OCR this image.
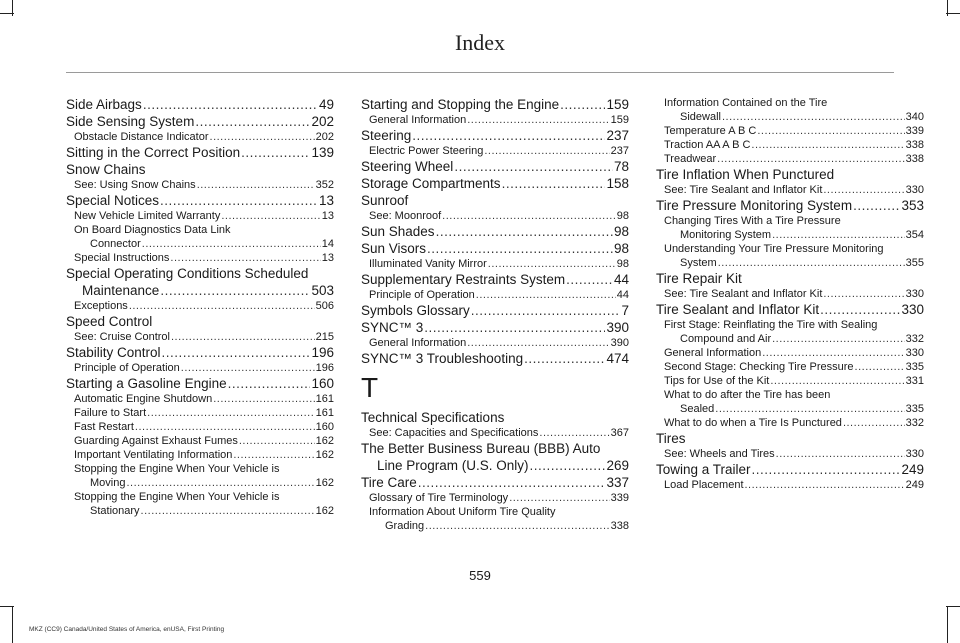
Index
Side Airbags .....	49
Side Sensing System .....	202
Obstacle Distance Indicator .....	202
Sitting in the Correct Position .....	139
Snow Chains
See: Using Snow Chains .....	352
Special Notices .....	13
New Vehicle Limited Warranty .....	13
On Board Diagnostics Data Link
Connector .....	14
Special Instructions .....	13
Special Operating Conditions Scheduled
Maintenance .....	503
Exceptions .....	506
Speed Control
See: Cruise Control .....	215
Stability Control .....	196
Principle of Operation .....	196
Starting a Gasoline Engine .....	160
Automatic Engine Shutdown .....	161
Failure to Start .....	161
Fast Restart .....	160
Guarding Against Exhaust Fumes .....	162
Important Ventilating Information .....	162
Stopping the Engine When Your Vehicle is
Moving .....	162
Stopping the Engine When Your Vehicle is
Stationary .....	162
Starting and Stopping the Engine .....	159
General Information .....	159
Steering .....	237
Electric Power Steering .....	237
Steering Wheel .....	78
Storage Compartments .....	158
Sunroof
See: Moonroof .....	98
Sun Shades .....	98
Sun Visors .....	98
Illuminated Vanity Mirror .....	98
Supplementary Restraints System .....	44
Principle of Operation .....	44
Symbols Glossary .....	7
SYNC™ 3 .....	390
General Information .....	390
SYNC™ 3 Troubleshooting .....	474
T
Technical Specifications
See: Capacities and Specifications .....	367
The Better Business Bureau (BBB) Auto
Line Program (U.S. Only) .....	269
Tire Care .....	337
Glossary of Tire Terminology .....	339
Information About Uniform Tire Quality
Grading .....	338
Information Contained on the Tire
Sidewall .....	340
Temperature A B C .....	339
Traction AA A B C .....	338
Treadwear .....	338
Tire Inflation When Punctured
See: Tire Sealant and Inflator Kit .....	330
Tire Pressure Monitoring System .....	353
Changing Tires With a Tire Pressure
Monitoring System .....	354
Understanding Your Tire Pressure Monitoring
System .....	355
Tire Repair Kit
See: Tire Sealant and Inflator Kit .....	330
Tire Sealant and Inflator Kit .....	330
First Stage: Reinflating the Tire with Sealing
Compound and Air .....	332
General Information .....	330
Second Stage: Checking Tire Pressure .....	335
Tips for Use of the Kit .....	331
What to do after the Tire has been
Sealed .....	335
What to do when a Tire Is Punctured .....	332
Tires
See: Wheels and Tires .....	330
Towing a Trailer .....	249
Load Placement .....	249
559
MKZ (CC9) Canada/United States of America, enUSA, First Printing
